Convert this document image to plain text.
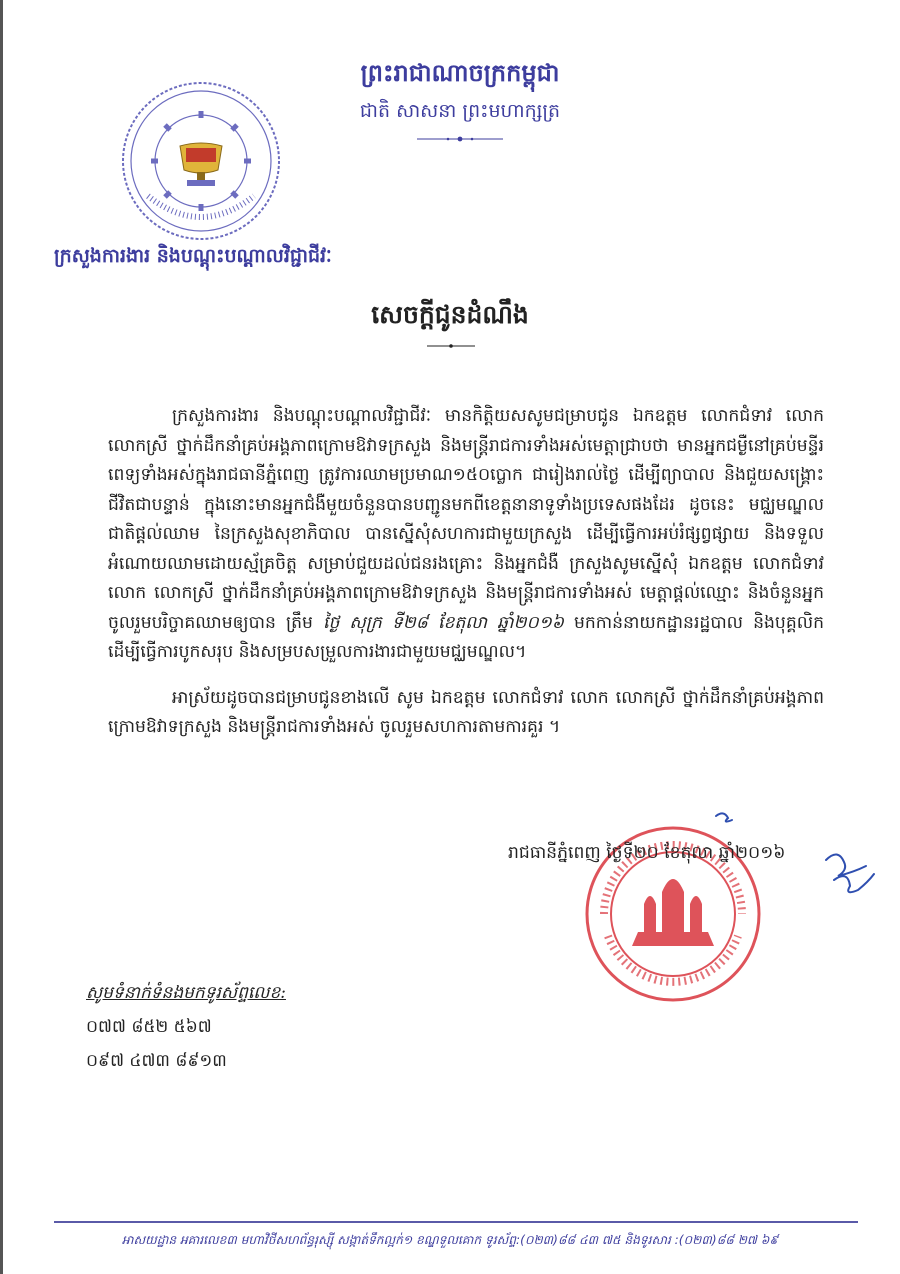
ព្រះរាជាណាចក្រកម្ពុជា
ជាតិ សាសនា ព្រះមហាក្សត្រ
ក្រសួងការងារ និងបណ្តុះបណ្តាលវិជ្ជាជីវៈ
សេចក្តីជូនដំណឹង

ក្រសួងការងារ និងបណ្តុះបណ្តាលវិជ្ជាជីវៈ មានកិត្តិយសសូមជម្រាបជូន ឯកឧត្តម លោកជំទាវ លោក លោកស្រី ថ្នាក់ដឹកនាំគ្រប់អង្គភាពក្រោមឱវាទក្រសួង និងមន្ត្រីរាជការទាំងអស់មេត្តាជ្រាបថា មានអ្នកជម្ងឺនៅគ្រប់មន្ទីរពេទ្យទាំងអស់ក្នុងរាជធានីភ្នំពេញ ត្រូវការឈាមប្រមាណ១៥០ប្លោក ជារៀងរាល់ថ្ងៃ ដើម្បីព្យាបាល និងជួយសង្គ្រោះជីវិតជាបន្ទាន់ ក្នុងនោះមានអ្នកជំងឺមួយចំនួនបានបញ្ជូនមកពីខេត្តនានាទូទាំងប្រទេសផងដែរ ដូចនេះ មជ្ឈមណ្ឌលជាតិផ្តល់ឈាម នៃក្រសួងសុខាភិបាល បានស្នើសុំសហការជាមួយក្រសួង ដើម្បីធ្វើការអប់រំផ្សព្វផ្សាយ និងទទួលអំណោយឈាមដោយស្ម័គ្រចិត្ត សម្រាប់ជួយដល់ជនរងគ្រោះ និងអ្នកជំងឺ ក្រសួងសូមស្នើសុំ ឯកឧត្តម លោកជំទាវ លោក លោកស្រី ថ្នាក់ដឹកនាំគ្រប់អង្គភាពក្រោមឱវាទក្រសួង និងមន្ត្រីរាជការទាំងអស់ មេត្តាផ្តល់ឈ្មោះ និងចំនួនអ្នកចូលរួមបរិច្ចាគឈាមឲ្យបាន ត្រឹម ថ្ងៃ សុក្រ ទី២៨ ខែតុលា ឆ្នាំ២០១៦ មកកាន់នាយកដ្ឋានរដ្ឋបាល និងបុគ្គលិក ដើម្បីធ្វើការបូកសរុប និងសម្របសម្រួលការងារជាមួយមជ្ឈមណ្ឌល។

អាស្រ័យដូចបានជម្រាបជូនខាងលើ សូម ឯកឧត្តម លោកជំទាវ លោក លោកស្រី ថ្នាក់ដឹកនាំគ្រប់អង្គភាពក្រោមឱវាទក្រសួង និងមន្ត្រីរាជការទាំងអស់ ចូលរួមសហការតាមការគួរ ។

រាជធានីភ្នំពេញ ថ្ងៃទី២០ ខែតុលា ឆ្នាំ២០១៦
សូមទំនាក់ទំនងមកទូរស័ព្ទលេខ:
០៧៧ ៨៥២ ៥៦៧
០៩៧ ៤៧៣ ៨៩១៣
អាសយដ្ឋាន អគារលេខ៣ មហាវិថីសហព័ន្ធរុស្ស៊ី សង្កាត់ទឹកល្អក់១ ខណ្ឌទួលគោក ទូរស័ព្ទ:(០២៣)៨៨ ៤៣ ៧៥ និងទូរសារ :(០២៣)៨៨ ២៧ ៦៩
